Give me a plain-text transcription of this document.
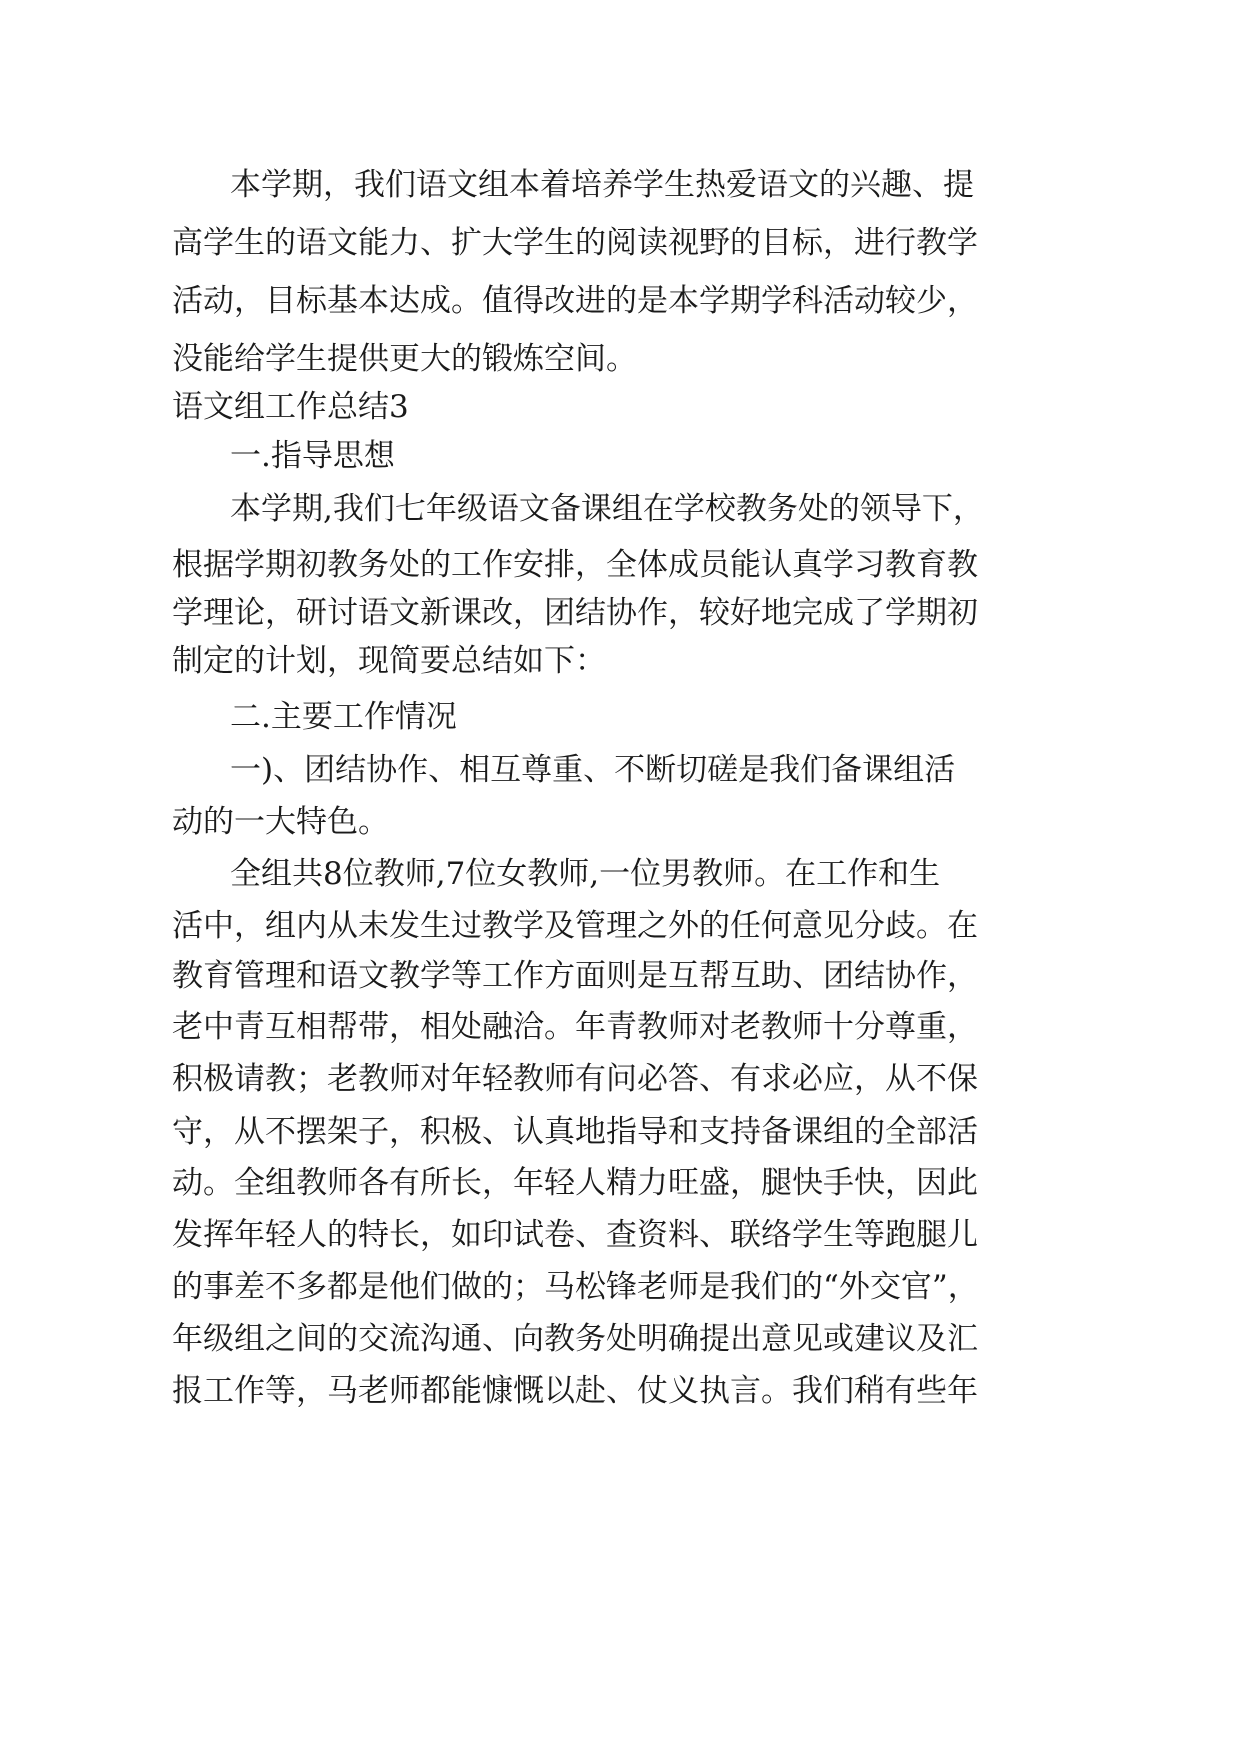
本学期，我们语文组本着培养学生热爱语文的兴趣、提
高学生的语文能力、扩大学生的阅读视野的目标，进行教学
活动，目标基本达成。值得改进的是本学期学科活动较少，
没能给学生提供更大的锻炼空间。
语文组工作总结3
一.指导思想
本学期,我们七年级语文备课组在学校教务处的领导下，
根据学期初教务处的工作安排，全体成员能认真学习教育教
学理论，研讨语文新课改，团结协作，较好地完成了学期初
制定的计划，现简要总结如下：
二.主要工作情况
一)、团结协作、相互尊重、不断切磋是我们备课组活
动的一大特色。
全组共8位教师,7位女教师,一位男教师。在工作和生
活中，组内从未发生过教学及管理之外的任何意见分歧。在
教育管理和语文教学等工作方面则是互帮互助、团结协作，
老中青互相帮带，相处融洽。年青教师对老教师十分尊重，
积极请教；老教师对年轻教师有问必答、有求必应，从不保
守，从不摆架子，积极、认真地指导和支持备课组的全部活
动。全组教师各有所长，年轻人精力旺盛，腿快手快，因此
发挥年轻人的特长，如印试卷、查资料、联络学生等跑腿儿
的事差不多都是他们做的；马松锋老师是我们的“外交官”，
年级组之间的交流沟通、向教务处明确提出意见或建议及汇
报工作等，马老师都能慷慨以赴、仗义执言。我们稍有些年
